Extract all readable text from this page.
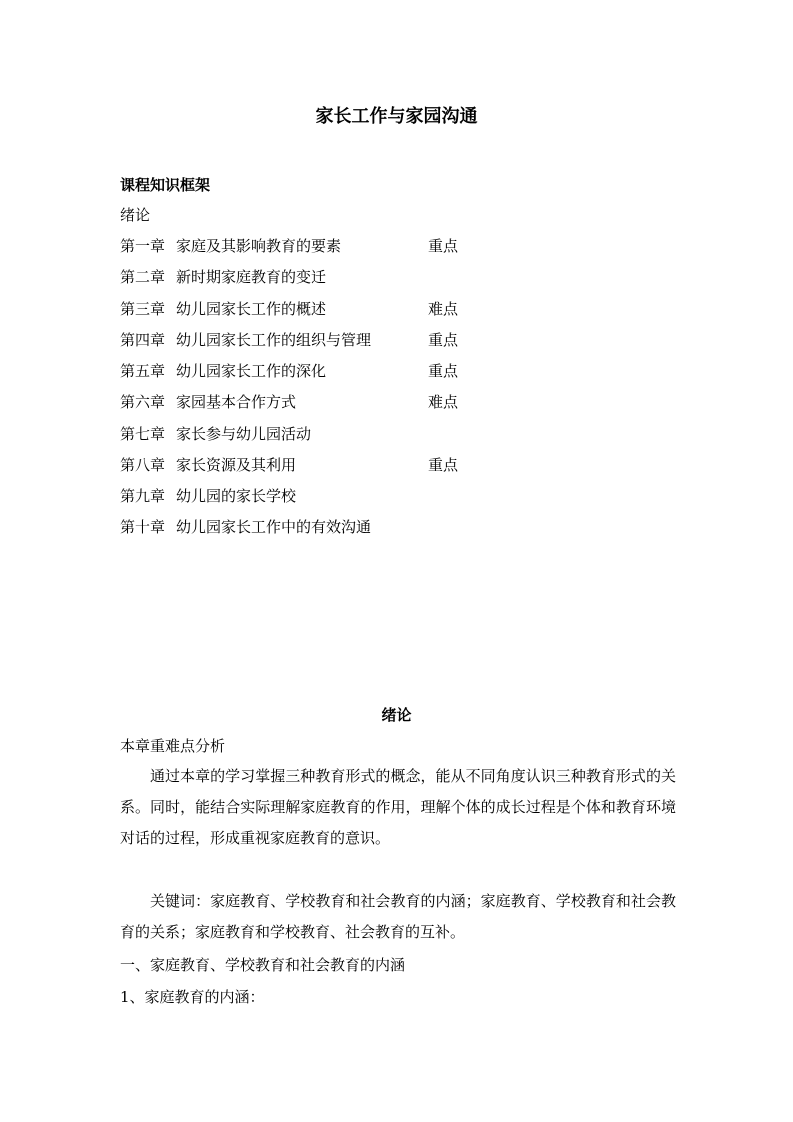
家长工作与家园沟通
课程知识框架
绪论
第一章 家庭及其影响教育的要素	重点
第二章 新时期家庭教育的变迁
第三章 幼儿园家长工作的概述	难点
第四章 幼儿园家长工作的组织与管理	重点
第五章 幼儿园家长工作的深化	重点
第六章 家园基本合作方式	难点
第七章 家长参与幼儿园活动
第八章 家长资源及其利用	重点
第九章 幼儿园的家长学校
第十章 幼儿园家长工作中的有效沟通
绪论
本章重难点分析
通过本章的学习掌握三种教育形式的概念，能从不同角度认识三种教育形式的关系。同时，能结合实际理解家庭教育的作用，理解个体的成长过程是个体和教育环境对话的过程，形成重视家庭教育的意识。
关键词：家庭教育、学校教育和社会教育的内涵；家庭教育、学校教育和社会教育的关系；家庭教育和学校教育、社会教育的互补。
一、家庭教育、学校教育和社会教育的内涵
1、家庭教育的内涵：
